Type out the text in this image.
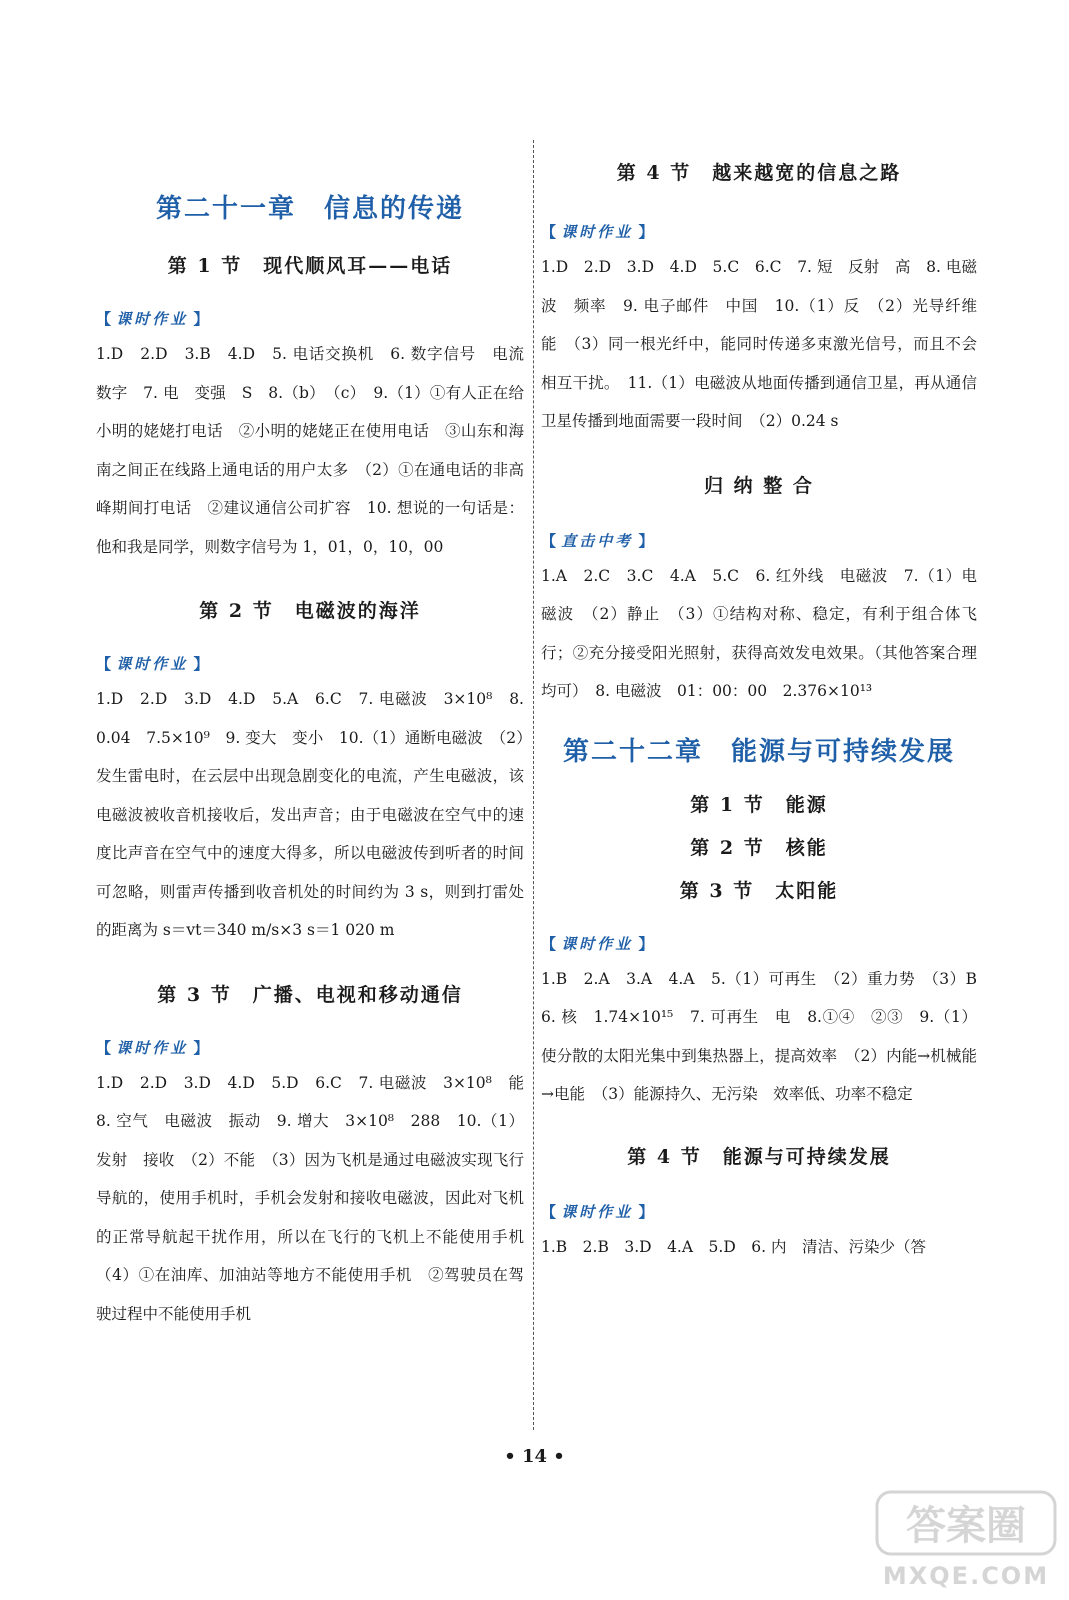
第二十一章　信息的传递
第 1 节　现代顺风耳——电话

【 课时作业 】

1.D　2.D　3.B　4.D　5. 电话交换机　6. 数字信号　电流　数字　7. 电　变强　S　8.（b）　（c）　9.（1）①有人正在给小明的姥姥打电话　②小明的姥姥正在使用电话　③山东和海南之间正在线路上通电话的用户太多　（2）①在通电话的非高峰期间打电话　②建议通信公司扩容　10. 想说的一句话是：他和我是同学，则数字信号为 1，01，0，10，00

第 2 节　电磁波的海洋

【 课时作业 】

1.D　2.D　3.D　4.D　5.A　6.C　7. 电磁波　3×10⁸　8.0.04　7.5×10⁹　9. 变大　变小　10.（1）通断电磁波　（2）发生雷电时，在云层中出现急剧变化的电流，产生电磁波，该电磁波被收音机接收后，发出声音；由于电磁波在空气中的速度比声音在空气中的速度大得多，所以电磁波传到听者的时间可忽略，则雷声传播到收音机处的时间约为 3 s，则到打雷处的距离为 s＝vt＝340 m/s×3 s＝1 020 m

第 3 节　广播、电视和移动通信

【 课时作业 】

1.D　2.D　3.D　4.D　5.D　6.C　7. 电磁波　3×10⁸　能　8. 空气　电磁波　振动　9. 增大　3×10⁸　288　10.（1）发射　接收　（2）不能　（3）因为飞机是通过电磁波实现飞行导航的，使用手机时，手机会发射和接收电磁波，因此对飞机的正常导航起干扰作用，所以在飞行的飞机上不能使用手机　（4）①在油库、加油站等地方不能使用手机　②驾驶员在驾驶过程中不能使用手机

第 4 节　越来越宽的信息之路

【 课时作业 】

1.D　2.D　3.D　4.D　5.C　6.C　7. 短　反射　高　8. 电磁波　频率　9. 电子邮件　中国　10.（1）反　（2）光导纤维　能　（3）同一根光纤中，能同时传递多束激光信号，而且不会相互干扰。　11.（1）电磁波从地面传播到通信卫星，再从通信卫星传播到地面需要一段时间　（2）0.24 s

归 纳 整 合

【 直击中考 】

1.A　2.C　3.C　4.A　5.C　6. 红外线　电磁波　7.（1）电磁波　（2）静止　（3）①结构对称、稳定，有利于组合体飞行；②充分接受阳光照射，获得高效发电效果。（其他答案合理均可）　8. 电磁波　01：00：00　2.376×10¹³

第二十二章　能源与可持续发展
第 1 节　能源
第 2 节　核能
第 3 节　太阳能

【 课时作业 】

1.B　2.A　3.A　4.A　5.（1）可再生　（2）重力势　（3）B　6. 核　1.74×10¹⁵　7. 可再生　电　8.①④　②③　9.（1）使分散的太阳光集中到集热器上，提高效率　（2）内能→机械能→电能　（3）能源持久、无污染　效率低、功率不稳定

第 4 节　能源与可持续发展

【 课时作业 】

1.B　2.B　3.D　4.A　5.D　6. 内　清洁、污染少（答

• 14 •
答案圈
MXQE.COM
